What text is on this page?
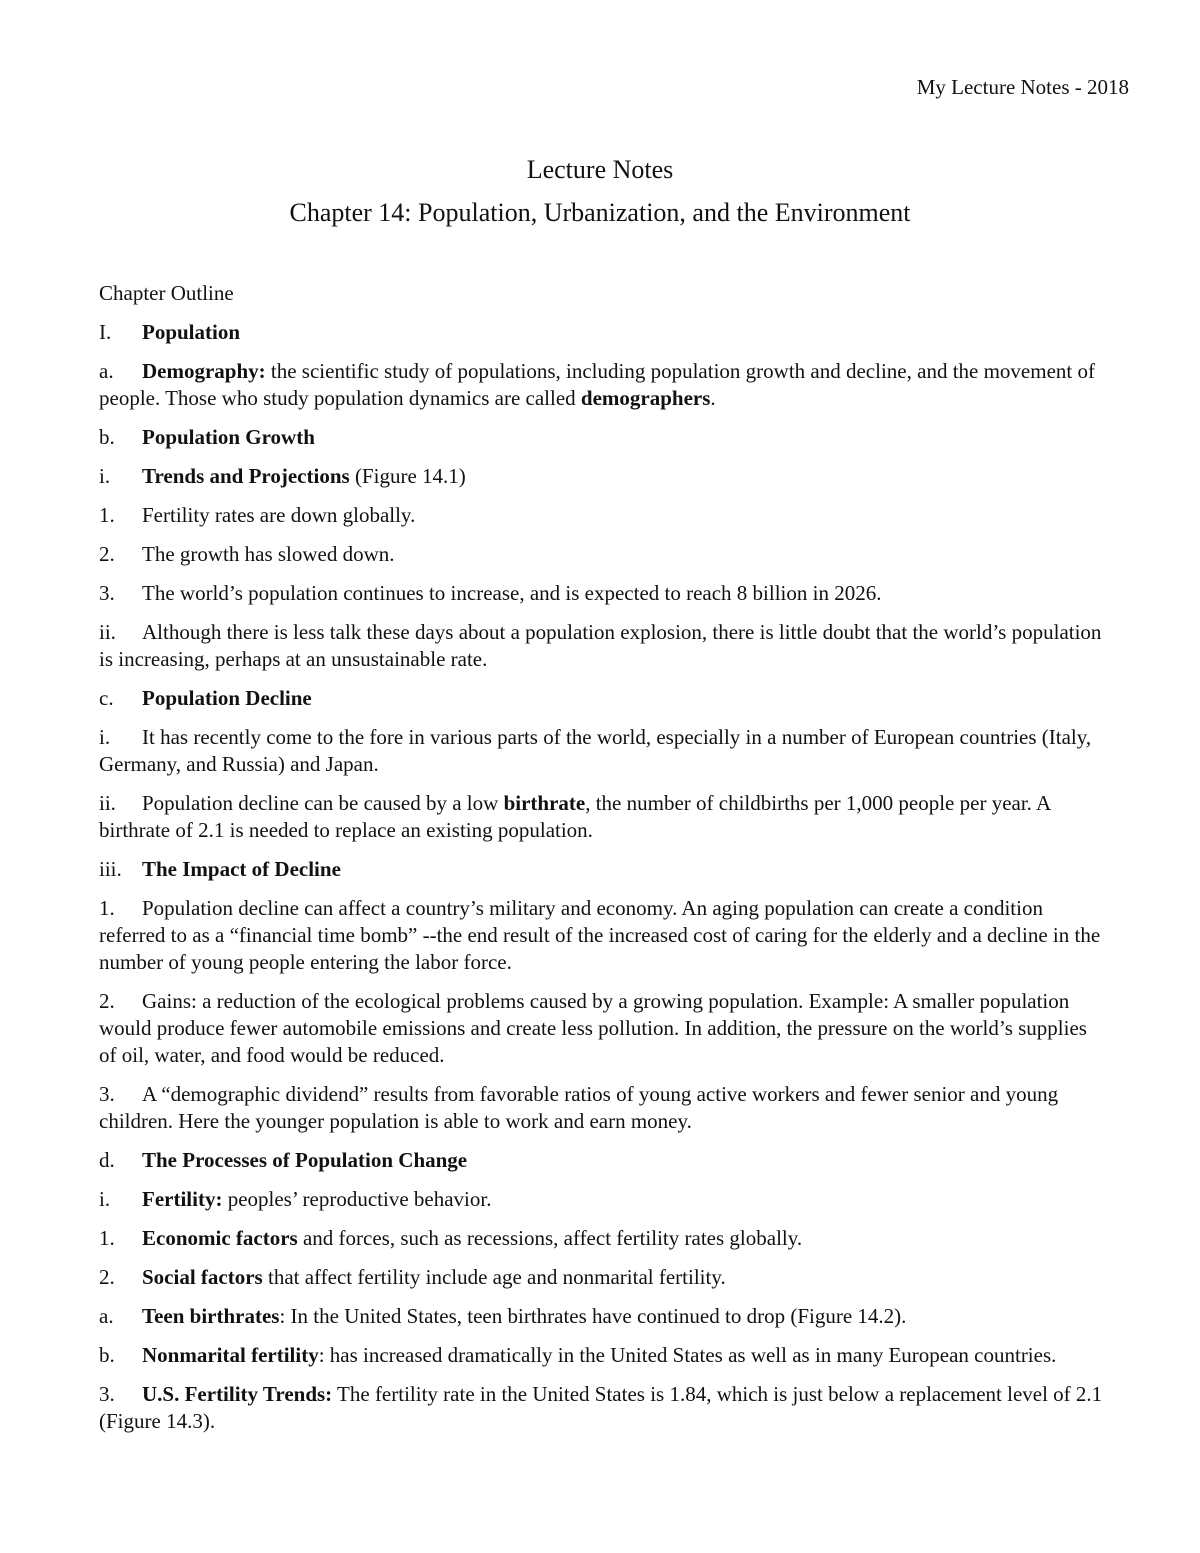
My Lecture Notes - 2018
Lecture Notes
Chapter 14: Population, Urbanization, and the Environment
Chapter Outline
I. Population
a. Demography: the scientific study of populations, including population growth and decline, and the movement of people. Those who study population dynamics are called demographers.
b. Population Growth
i. Trends and Projections (Figure 14.1)
1. Fertility rates are down globally.
2. The growth has slowed down.
3. The world’s population continues to increase, and is expected to reach 8 billion in 2026.
ii. Although there is less talk these days about a population explosion, there is little doubt that the world’s population is increasing, perhaps at an unsustainable rate.
c. Population Decline
i. It has recently come to the fore in various parts of the world, especially in a number of European countries (Italy, Germany, and Russia) and Japan.
ii. Population decline can be caused by a low birthrate, the number of childbirths per 1,000 people per year. A birthrate of 2.1 is needed to replace an existing population.
iii. The Impact of Decline
1. Population decline can affect a country’s military and economy. An aging population can create a condition referred to as a “financial time bomb” --the end result of the increased cost of caring for the elderly and a decline in the number of young people entering the labor force.
2. Gains: a reduction of the ecological problems caused by a growing population. Example: A smaller population would produce fewer automobile emissions and create less pollution. In addition, the pressure on the world’s supplies of oil, water, and food would be reduced.
3. A “demographic dividend” results from favorable ratios of young active workers and fewer senior and young children. Here the younger population is able to work and earn money.
d. The Processes of Population Change
i. Fertility: peoples’ reproductive behavior.
1. Economic factors and forces, such as recessions, affect fertility rates globally.
2. Social factors that affect fertility include age and nonmarital fertility.
a. Teen birthrates: In the United States, teen birthrates have continued to drop (Figure 14.2).
b. Nonmarital fertility: has increased dramatically in the United States as well as in many European countries.
3. U.S. Fertility Trends: The fertility rate in the United States is 1.84, which is just below a replacement level of 2.1 (Figure 14.3).
